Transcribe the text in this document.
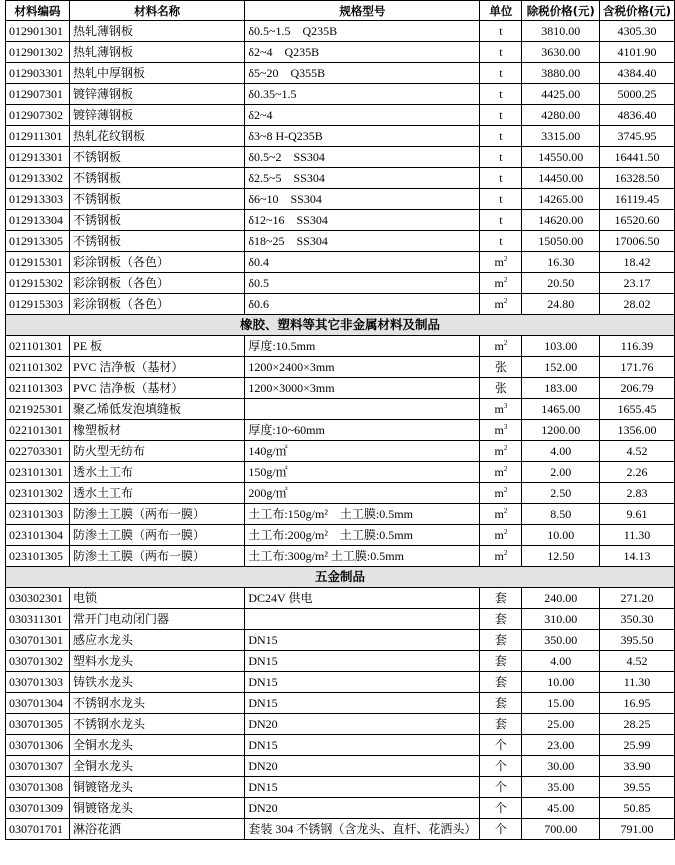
材料编码	材料名称	规格型号	单位	除税价格(元)	含税价格(元)
012901301	热轧薄钢板	δ0.5~1.5　Q235B	t	3810.00	4305.30
012901302	热轧薄钢板	δ2~4　Q235B	t	3630.00	4101.90
012903301	热轧中厚钢板	δ5~20　Q355B	t	3880.00	4384.40
012907301	镀锌薄钢板	δ0.35~1.5	t	4425.00	5000.25
012907302	镀锌薄钢板	δ2~4	t	4280.00	4836.40
012911301	热轧花纹钢板	δ3~8 H-Q235B	t	3315.00	3745.95
012913301	不锈钢板	δ0.5~2　SS304	t	14550.00	16441.50
012913302	不锈钢板	δ2.5~5　SS304	t	14450.00	16328.50
012913303	不锈钢板	δ6~10　SS304	t	14265.00	16119.45
012913304	不锈钢板	δ12~16　SS304	t	14620.00	16520.60
012913305	不锈钢板	δ18~25　SS304	t	15050.00	17006.50
012915301	彩涂钢板（各色）	δ0.4	$m^2$	16.30	18.42
012915302	彩涂钢板（各色）	δ0.5	$m^2$	20.50	23.17
012915303	彩涂钢板（各色）	δ0.6	$m^2$	24.80	28.02
橡胶、塑料等其它非金属材料及制品					
021101301	PE 板	厚度:10.5mm	$m^2$	103.00	116.39
021101302	PVC 洁净板（基材）	1200×2400×3mm	张	152.00	171.76
021101303	PVC 洁净板（基材）	1200×3000×3mm	张	183.00	206.79
021925301	聚乙烯低发泡填缝板		$m^3$	1465.00	1655.45
022101301	橡塑板材	厚度:10~60mm	$m^3$	1200.00	1356.00
022703301	防火型无纺布	140g/㎡	$m^2$	4.00	4.52
023101301	透水土工布	150g/㎡	$m^2$	2.00	2.26
023101302	透水土工布	200g/㎡	$m^2$	2.50	2.83
023101303	防渗土工膜（两布一膜）	土工布:150g/m²　土工膜:0.5mm	$m^2$	8.50	9.61
023101304	防渗土工膜（两布一膜）	土工布:200g/m²　土工膜:0.5mm	$m^2$	10.00	11.30
023101305	防渗土工膜（两布一膜）	土工布:300g/m² 土工膜:0.5mm	$m^2$	12.50	14.13
五金制品					
030302301	电锁	DC24V 供电	套	240.00	271.20
030311301	常开门电动闭门器		套	310.00	350.30
030701301	感应水龙头	DN15	套	350.00	395.50
030701302	塑料水龙头	DN15	套	4.00	4.52
030701303	铸铁水龙头	DN15	套	10.00	11.30
030701304	不锈钢水龙头	DN15	套	15.00	16.95
030701305	不锈钢水龙头	DN20	套	25.00	28.25
030701306	全铜水龙头	DN15	个	23.00	25.99
030701307	全铜水龙头	DN20	个	30.00	33.90
030701308	铜镀铬龙头	DN15	个	35.00	39.55
030701309	铜镀铬龙头	DN20	个	45.00	50.85
030701701	淋浴花洒	套装 304 不锈钢（含龙头、直杆、花洒头）	个	700.00	791.00
